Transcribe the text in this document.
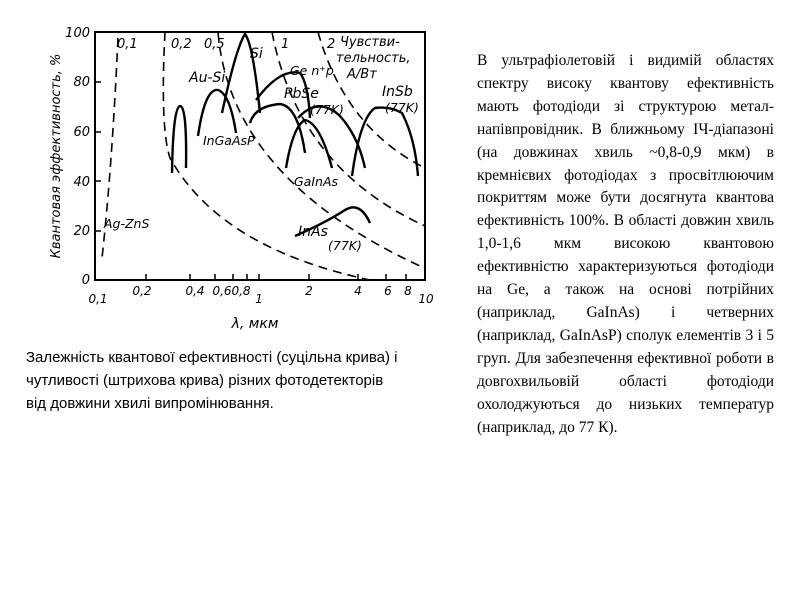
Квантовая эффективность, %
100
80
60
40
20
0
0,1
0,2	0,4 0,6 0,8
1
2	4 6 8
10
λ, мкм
0,1	0,2 0,5	1	2 Чувстви-
тельность,
А/Вт
Si
Au-Si	Ge n⁺p
PbSe
(77K)
InSb
(77K)
InGaAsP
GaInAs
InAs
(77K)
Ag-ZnS

Залежність квантової ефективності (суцільна крива) і чутливості (штрихова крива) різних фотодетекторів від довжини хвилі випромінювання.

В ультрафіолетовій і видимій областях спектру високу квантову ефективність мають фотодіоди зі структурою метал-напівпровідник. В ближньому ІЧ-діапазоні (на довжинах хвиль ~0,8-0,9 мкм) в кремнієвих фотодіодах з просвітлюючим покриттям може бути досягнута квантова ефективність 100%. В області довжин хвиль 1,0-1,6 мкм високою квантовою ефективністю характеризуються фотодіоди на Ge, а також на основі потрійних (наприклад, GaInAs) і четверних (наприклад, GaInAsP) сполук елементів 3 і 5 груп. Для забезпечення ефективної роботи в довгохвильовій області фотодіоди охолоджуються до низьких температур (наприклад, до 77 К).
